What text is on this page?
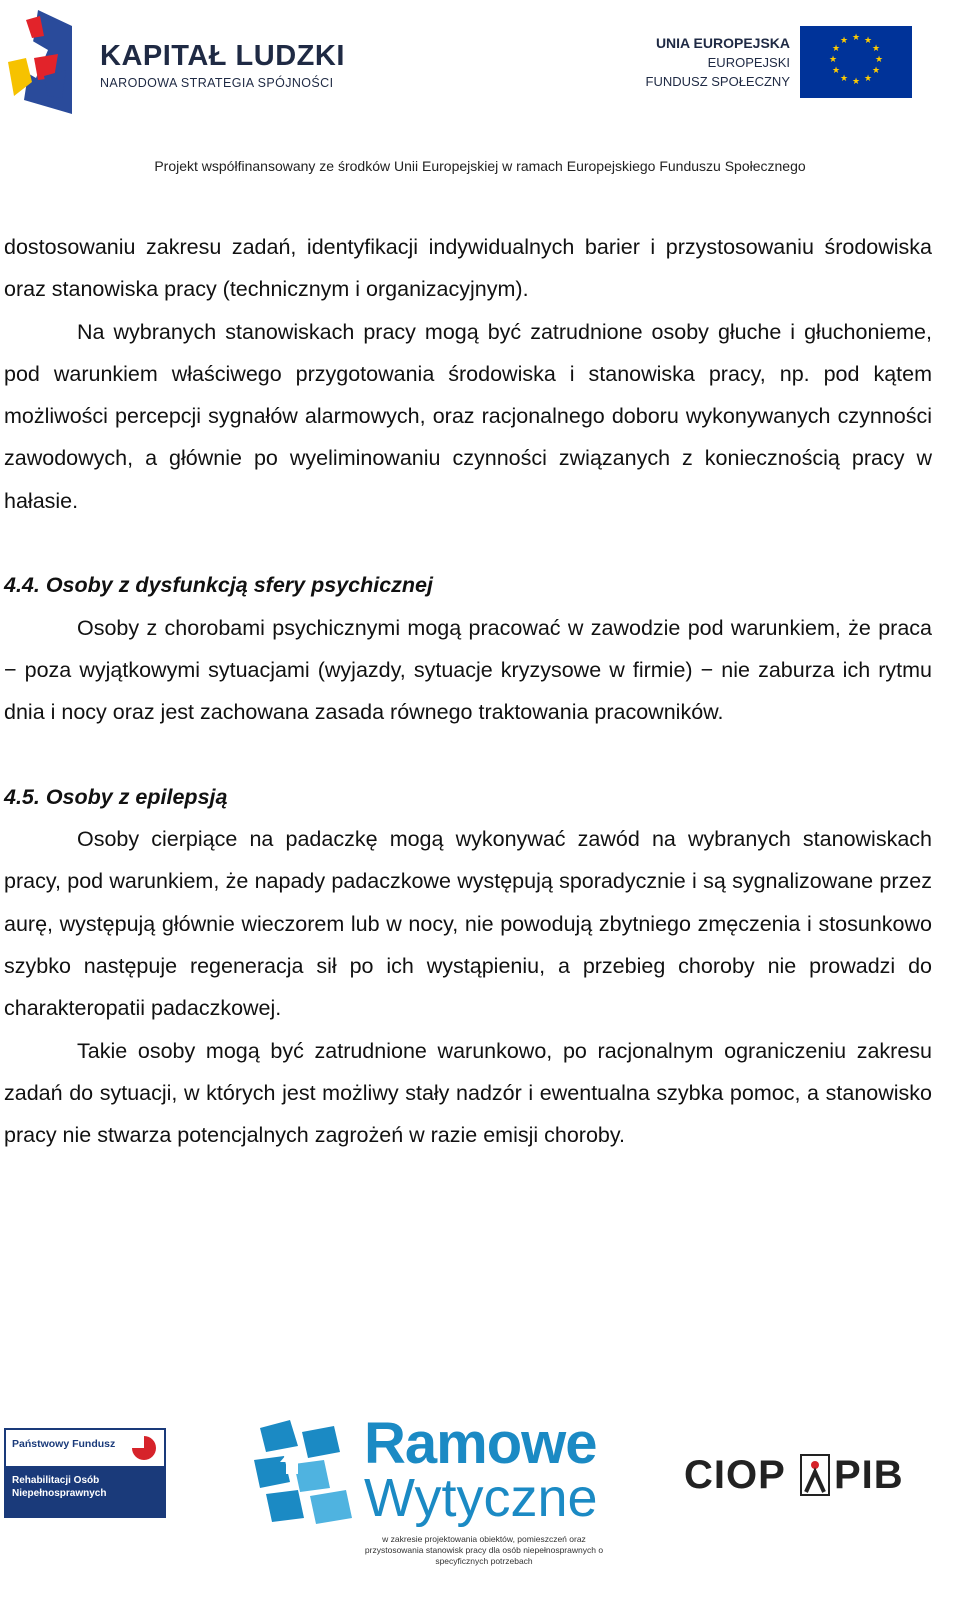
KAPITAŁ LUDZKI
NARODOWA STRATEGIA SPÓJNOŚCI
UNIA EUROPEJSKA
EUROPEJSKI
FUNDUSZ SPOŁECZNY
★ ★
★
★
★
★
★
★
★
★
★
★
Projekt współfinansowany ze środków Unii Europejskiej w ramach Europejskiego Funduszu Społecznego

dostosowaniu zakresu zadań, identyfikacji indywidualnych barier i przystosowaniu środowiska oraz stanowiska pracy (technicznym i organizacyjnym).

Na wybranych stanowiskach pracy mogą być zatrudnione osoby głuche i głuchonieme, pod warunkiem właściwego przygotowania środowiska i stanowiska pracy, np. pod kątem możliwości percepcji sygnałów alarmowych, oraz racjonalnego doboru wykonywanych czynności zawodowych, a głównie po wyeliminowaniu czynności związanych z koniecznością pracy w hałasie.

4.4. Osoby z dysfunkcją sfery psychicznej

Osoby z chorobami psychicznymi mogą pracować w zawodzie pod warunkiem, że praca − poza wyjątkowymi sytuacjami (wyjazdy, sytuacje kryzysowe w firmie) − nie zaburza ich rytmu dnia i nocy oraz jest zachowana zasada równego traktowania pracowników.

4.5. Osoby z epilepsją

Osoby cierpiące na padaczkę mogą wykonywać zawód na wybranych stanowiskach pracy, pod warunkiem, że napady padaczkowe występują sporadycznie i są sygnalizowane przez aurę, występują głównie wieczorem lub w nocy, nie powodują zbytniego zmęczenia i stosunkowo szybko następuje regeneracja sił po ich wystąpieniu, a przebieg choroby nie prowadzi do charakteropatii padaczkowej.

Takie osoby mogą być zatrudnione warunkowo, po racjonalnym ograniczeniu zakresu zadań do sytuacji, w których jest możliwy stały nadzór i ewentualna szybka pomoc, a stanowisko pracy nie stwarza potencjalnych zagrożeń w razie emisji choroby.

Państwowy Fundusz
Rehabilitacji Osób Niepełnosprawnych
Ramowe
Wytyczne
w zakresie projektowania obiektów, pomieszczeń oraz przystosowania stanowisk pracy dla osób niepełnosprawnych o specyficznych potrzebach
CIOP PIB
